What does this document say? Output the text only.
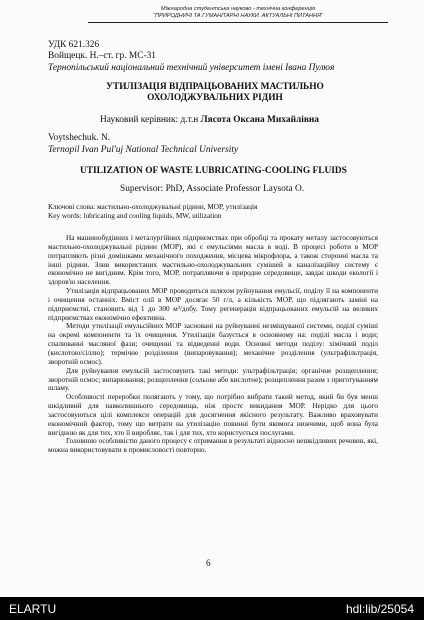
Міжнародна студентська науково - технічна конференція
"ПРИРОДНИЧІ ТА ГУМАНІТАРНІ НАУКИ. АКТУАЛЬНІ ПИТАННЯ"
УДК 621.326
Войщецк. Н.–ст. гр. МС-31
Тернопільський національний технічний університет імені Івана Пулюя
УТИЛІЗАЦІЯ ВІДПРАЦЬОВАНИХ МАСТИЛЬНО ОХОЛОДЖУВАЛЬНИХ РІДИН
Науковий керівник: д.т.н Лясота Оксана Михайлівна
Voytshechuk. N.
Ternopil Ivan Pul'uj National Technical University
UTILIZATION OF WASTE LUBRICATING-COOLING FLUIDS
Supervisor: PhD, Associate Professor Laysota O.
Ключові слова: мастильно-охолоджувальні рідини, МОР, утилізація
Key words: lubricating and cooling liquids, MW, utilization

На машинобудівних і металургійних підприємствах при обробці та прокату металу застосовуються мастильно-охолоджувальні рідини (МОР), які є емульсіями масла в воді. В процесі роботи в МОР потрапляють різні домішками механічного походження, місцева мікрофлора, а також сторонні масла та інші рідини. Злив використаних мастильно-охолоджувальних сумішей в каналізаційну систему є економічно не вигідним. Крім того, МОР, потрапляючи в природне середовище, завдає шкоди екології і здоров'ю населення.

Утилізація відпрацьованих МОР проводиться шляхом руйнування емульсії, поділу її на компоненти і очищення останніх. Вміст олії в МОР досягає 50 г/л, а кількість МОР, що підлягають заміні на підприємстві, становить від 1 до 300 м³/добу. Тому регенерація відпрацьованих емульсій на великих підприємствах економічно ефективна.

Методи утилізації емульсійних МОР засновані на руйнуванні незміщуваної системи, поділі суміші на окремі компоненти та їх очищення. Утилізація базується в основному на: поділі масла і води; спалюванні масляної фази; очищенні та відведенні води. Основні методи поділу: хімічний поділ (кислотою/сіллю); термічне розділення (випаровування); механічне розділення (ультрафільтрація, зворотній осмос).

Для руйнування емульсій застосовують такі методи: ультрафільтрація; органічне розщеплення; зворотній осмос; випарювання; розщеплення (сольове або кислотне); розщеплення разом з приготуванням шламу.

Особливості переробки полягають у тому, що потрібно вибрати такий метод, який би був менш шкідливий для навколишнього середовища, ніж простє викидання МОР. Нерідко для цього застосовуються цілі комплекси операцій для досягнення якісного результату. Важливо враховувати економічний фактор, тому що витрати на утилізацію повинні бути якомога нижчими, щоб вона була вигідною як для тих, хто її виробляє, так і для тих, хто користується послугами.

Головною особливістю даного процесу є отримання в результаті відносно нешкідливих речовин, які, можна використовувати в промисловості повторно.

6
ELARTU	hdl:lib/25054
